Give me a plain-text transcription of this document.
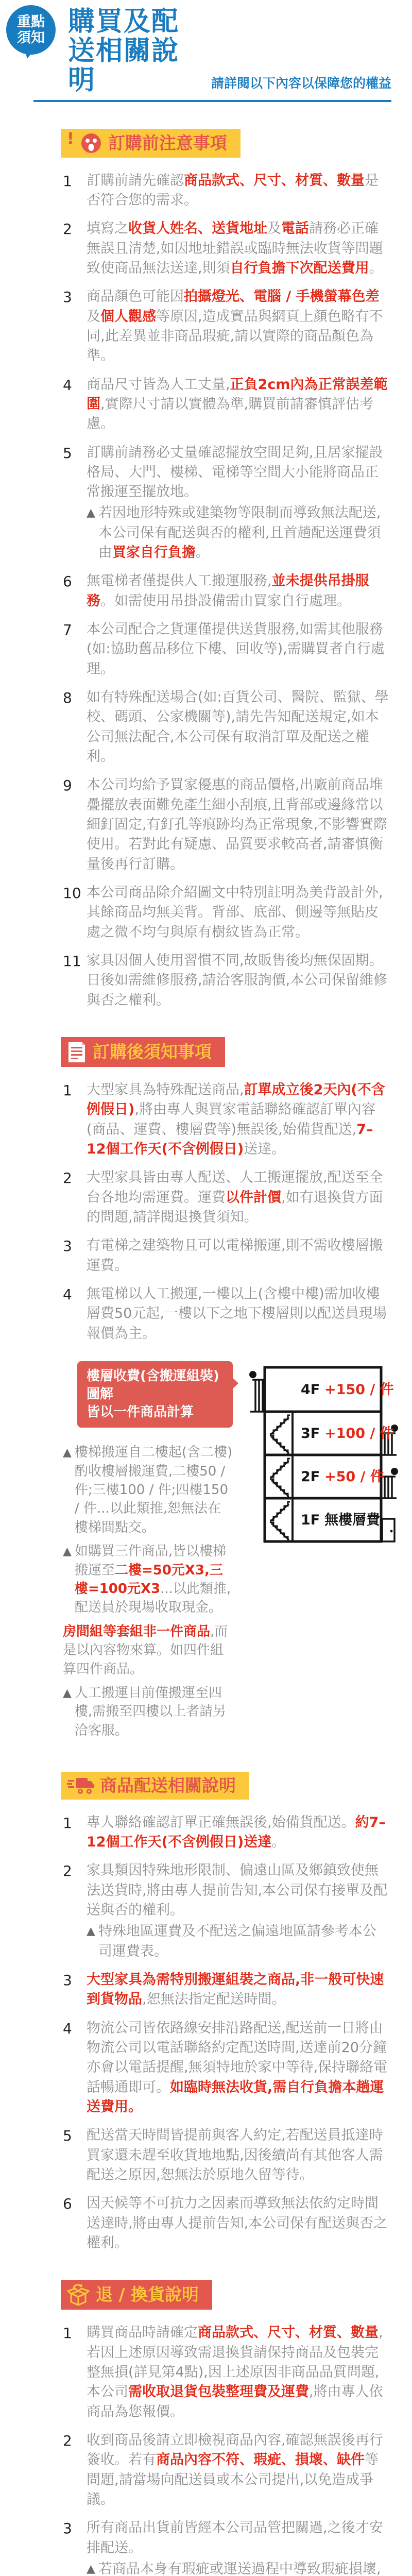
重點
須知
購買及配送相關說明	請詳閱以下內容以保障您的權益
! 訂購前注意事項
1	訂購前請先確認商品款式、尺寸、材質、數量是否符合您的需求。
2	填寫之收貨人姓名、送貨地址及電話請務必正確無誤且清楚,如因地址錯誤或臨時無法收貨等問題致使商品無法送達,則須自行負擔下次配送費用。
3	商品顏色可能因拍攝燈光、電腦 / 手機螢幕色差及個人觀感等原因,造成實品與網頁上顏色略有不同,此差異並非商品瑕疵,請以實際的商品顏色為準。
4	商品尺寸皆為人工丈量,正負2cm內為正常誤差範圍,實際尺寸請以實體為準,購買前請審慎評估考慮。
5	訂購前請務必丈量確認擺放空間足夠,且居家擺設格局、大門、樓梯、電梯等空間大小能將商品正常搬運至擺放地。
▲ 若因地形特殊或建築物等限制而導致無法配送,本公司保有配送與否的權利,且首趟配送運費須由買家自行負擔。
6	無電梯者僅提供人工搬運服務,並未提供吊掛服務。如需使用吊掛設備需由買家自行處理。
7	本公司配合之貨運僅提供送貨服務,如需其他服務(如:協助舊品移位下樓、回收等),需購買者自行處理。
8	如有特殊配送場合(如:百貨公司、醫院、監獄、學校、碼頭、公家機關等),請先告知配送規定,如本公司無法配合,本公司保有取消訂單及配送之權利。
9	本公司均給予買家優惠的商品價格,出廠前商品堆疊擺放表面難免產生細小刮痕,且背部或邊緣常以細釘固定,有釘孔等痕跡均為正常現象,不影響實際使用。若對此有疑慮、品質要求較高者,請審慎衡量後再行訂購。
10 本公司商品除介紹圖文中特別註明為美背設計外,其餘商品均無美背。背部、底部、側邊等無貼皮處之微不均勻與原有樹紋皆為正常。
11 家具因個人使用習慣不同,故販售後均無保固期。日後如需維修服務,請洽客服詢價,本公司保留維修與否之權利。
訂購後須知事項
1	大型家具為特殊配送商品,訂單成立後2天內(不含例假日),將由專人與買家電話聯絡確認訂單內容(商品、運費、樓層費等)無誤後,始備貨配送,7–12個工作天(不含例假日)送達。
2	大型家具皆由專人配送、人工搬運擺放,配送至全台各地均需運費。運費以件計價,如有退換貨方面的問題,請詳閱退換貨須知。
3	有電梯之建築物且可以電梯搬運,則不需收樓層搬運費。
4	無電梯以人工搬運,一樓以上(含樓中樓)需加收樓層費50元起,一樓以下之地下樓層則以配送員現場報價為主。
樓層收費(含搬運組裝)圖解
皆以一件商品計算
▲ 樓梯搬運自二樓起(含二樓)酌收樓層搬運費,二樓50 / 件;三樓100 / 件;四樓150 / 件...以此類推,恕無法在樓梯間點交。
▲ 如購買三件商品,皆以樓梯搬運至二樓=50元X3,三樓=100元X3...以此類推,配送員於現場收取現金。
房間組等套組非一件商品,而是以內容物來算。如四件組算四件商品。
▲ 人工搬運目前僅搬運至四樓,需搬至四樓以上者請另洽客服。
4F +150 / 件
3F +100 / 件
2F +50 / 件
1F 無樓層費
商品配送相關說明
1	專人聯絡確認訂單正確無誤後,始備貨配送。約7–12個工作天(不含例假日)送達。
2	家具類因特殊地形限制、偏遠山區及鄉鎮致使無法送貨時,將由專人提前告知,本公司保有接單及配送與否的權利。
▲ 特殊地區運費及不配送之偏遠地區請參考本公司運費表。
3	大型家具為需特別搬運組裝之商品,非一般可快速到貨物品,恕無法指定配送時間。
4	物流公司皆依路線安排沿路配送,配送前一日將由物流公司以電話聯絡約定配送時間,送達前20分鐘亦會以電話提醒,無須特地於家中等待,保持聯絡電話暢通即可。如臨時無法收貨,需自行負擔本趟運送費用。
5	配送當天時間皆提前與客人約定,若配送員抵達時買家還未趕至收貨地地點,因後續尚有其他客人需配送之原因,恕無法於原地久留等待。
6	因天候等不可抗力之因素而導致無法依約定時間送達時,將由專人提前告知,本公司保有配送與否之權利。
退 / 換貨說明
1	購買商品時請確定商品款式、尺寸、材質、數量,若因上述原因導致需退換貨請保持商品及包裝完整無損(詳見第4點),因上述原因非商品品質問題,本公司需收取退貨包裝整理費及運費,將由專人依商品為您報價。
2	收到商品後請立即檢視商品內容,確認無誤後再行簽收。若有商品內容不符、瑕疵、損壞、缺件等問題,請當場向配送員或本公司提出,以免造成爭議。
3	所有商品出貨前皆經本公司品管把關過,之後才安排配送。
▲ 若商品本身有瑕疵或運送過程中導致瑕疵損壞,
